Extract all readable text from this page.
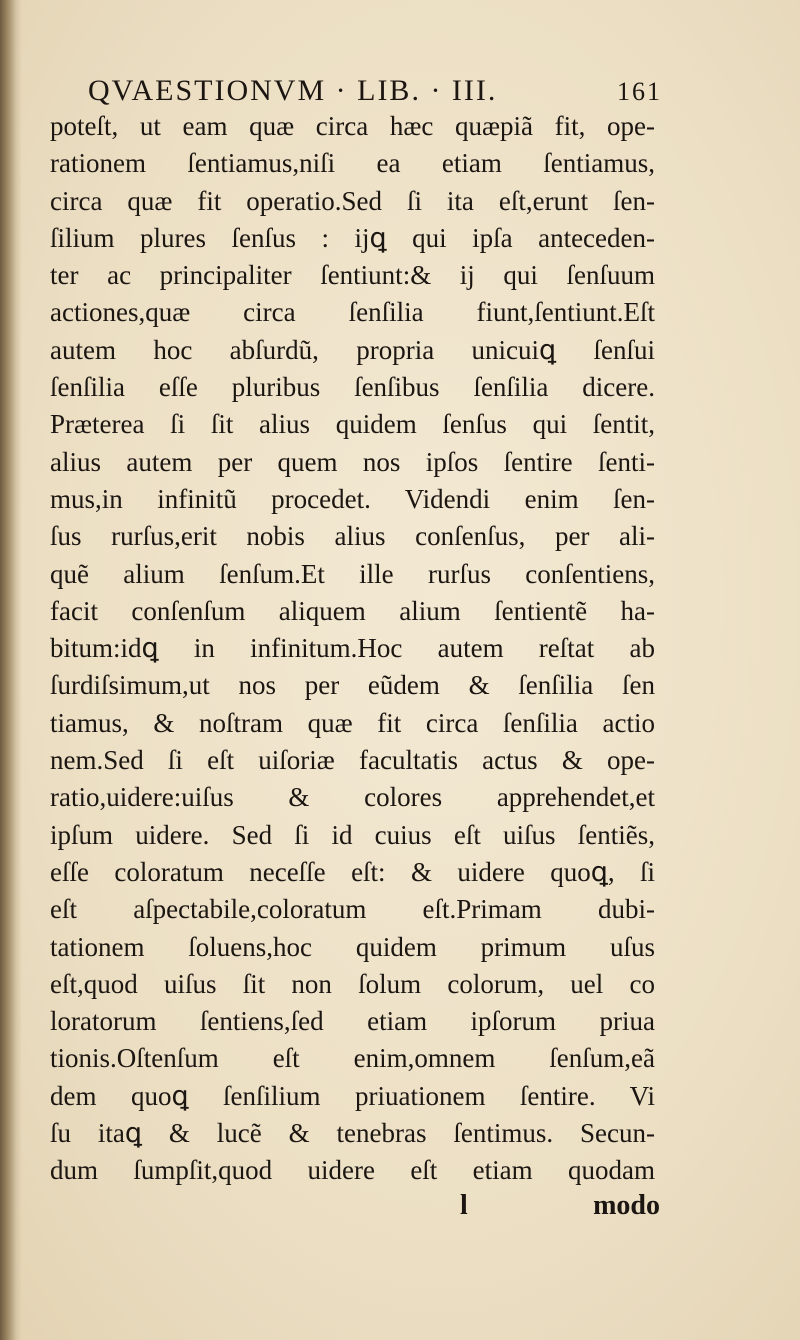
QVAESTIONVM · LIB. · III.	161
poteſt, ut eam quæ circa hæc quæpiã fit, ope-
rationem ſentiamus,niſi ea etiam ſentiamus,
circa quæ fit operatio.Sed ſi ita eſt,erunt ſen-
ſilium plures ſenſus : ijꝗ qui ipſa anteceden-
ter ac principaliter ſentiunt:& ij qui ſenſuum
actiones,quæ circa ſenſilia fiunt,ſentiunt.Eſt
autem hoc abſurdũ, propria unicuiꝗ ſenſui
ſenſilia eſſe pluribus ſenſibus ſenſilia dicere.
Præterea ſi ſit alius quidem ſenſus qui ſentit,
alius autem per quem nos ipſos ſentire ſenti-
mus,in infinitũ procedet. Videndi enim ſen-
ſus rurſus,erit nobis alius conſenſus, per ali-
quẽ alium ſenſum.Et ille rurſus conſentiens,
facit conſenſum aliquem alium ſentientẽ ha-
bitum:idꝗ in infinitum.Hoc autem reſtat ab
ſurdiſsimum,ut nos per eũdem & ſenſilia ſen
tiamus, & noſtram quæ fit circa ſenſilia actio
nem.Sed ſi eſt uiſoriæ facultatis actus & ope-
ratio,uidere:uiſus & colores apprehendet,et
ipſum uidere. Sed ſi id cuius eſt uiſus ſentiẽs,
eſſe coloratum neceſſe eſt: & uidere quoꝗ, ſi
eſt aſpectabile,coloratum eſt.Primam dubi-
tationem ſoluens,hoc quidem primum uſus
eſt,quod uiſus ſit non ſolum colorum, uel co
loratorum ſentiens,ſed etiam ipſorum priua
tionis.Oſtenſum eſt enim,omnem ſenſum,eã
dem quoꝗ ſenſilium priuationem ſentire. Vi
ſu itaꝗ & lucẽ & tenebras ſentimus. Secun-
dum ſumpſit,quod uidere eſt etiam quodam
l	modo
